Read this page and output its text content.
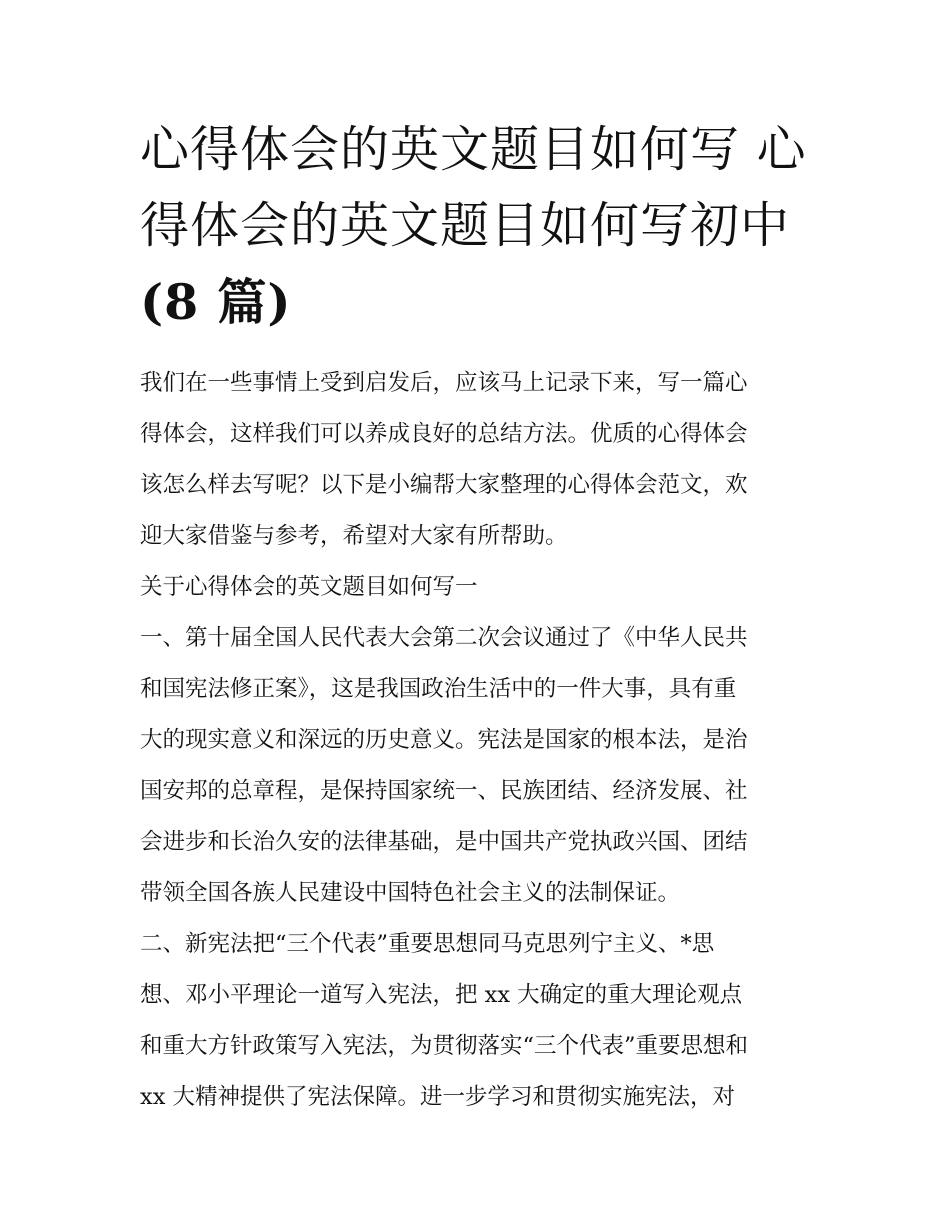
心得体会的英文题目如何写 心
得体会的英文题目如何写初中
(8 篇)
我们在一些事情上受到启发后，应该马上记录下来，写一篇心
得体会，这样我们可以养成良好的总结方法。优质的心得体会
该怎么样去写呢？以下是小编帮大家整理的心得体会范文，欢
迎大家借鉴与参考，希望对大家有所帮助。
关于心得体会的英文题目如何写一
一、第十届全国人民代表大会第二次会议通过了《中华人民共
和国宪法修正案》，这是我国政治生活中的一件大事，具有重
大的现实意义和深远的历史意义。宪法是国家的根本法，是治
国安邦的总章程，是保持国家统一、民族团结、经济发展、社
会进步和长治久安的法律基础，是中国共产党执政兴国、团结
带领全国各族人民建设中国特色社会主义的法制保证。
二、新宪法把“三个代表”重要思想同马克思列宁主义、*思
想、邓小平理论一道写入宪法，把 xx 大确定的重大理论观点
和重大方针政策写入宪法，为贯彻落实“三个代表”重要思想和
xx 大精神提供了宪法保障。进一步学习和贯彻实施宪法，对
